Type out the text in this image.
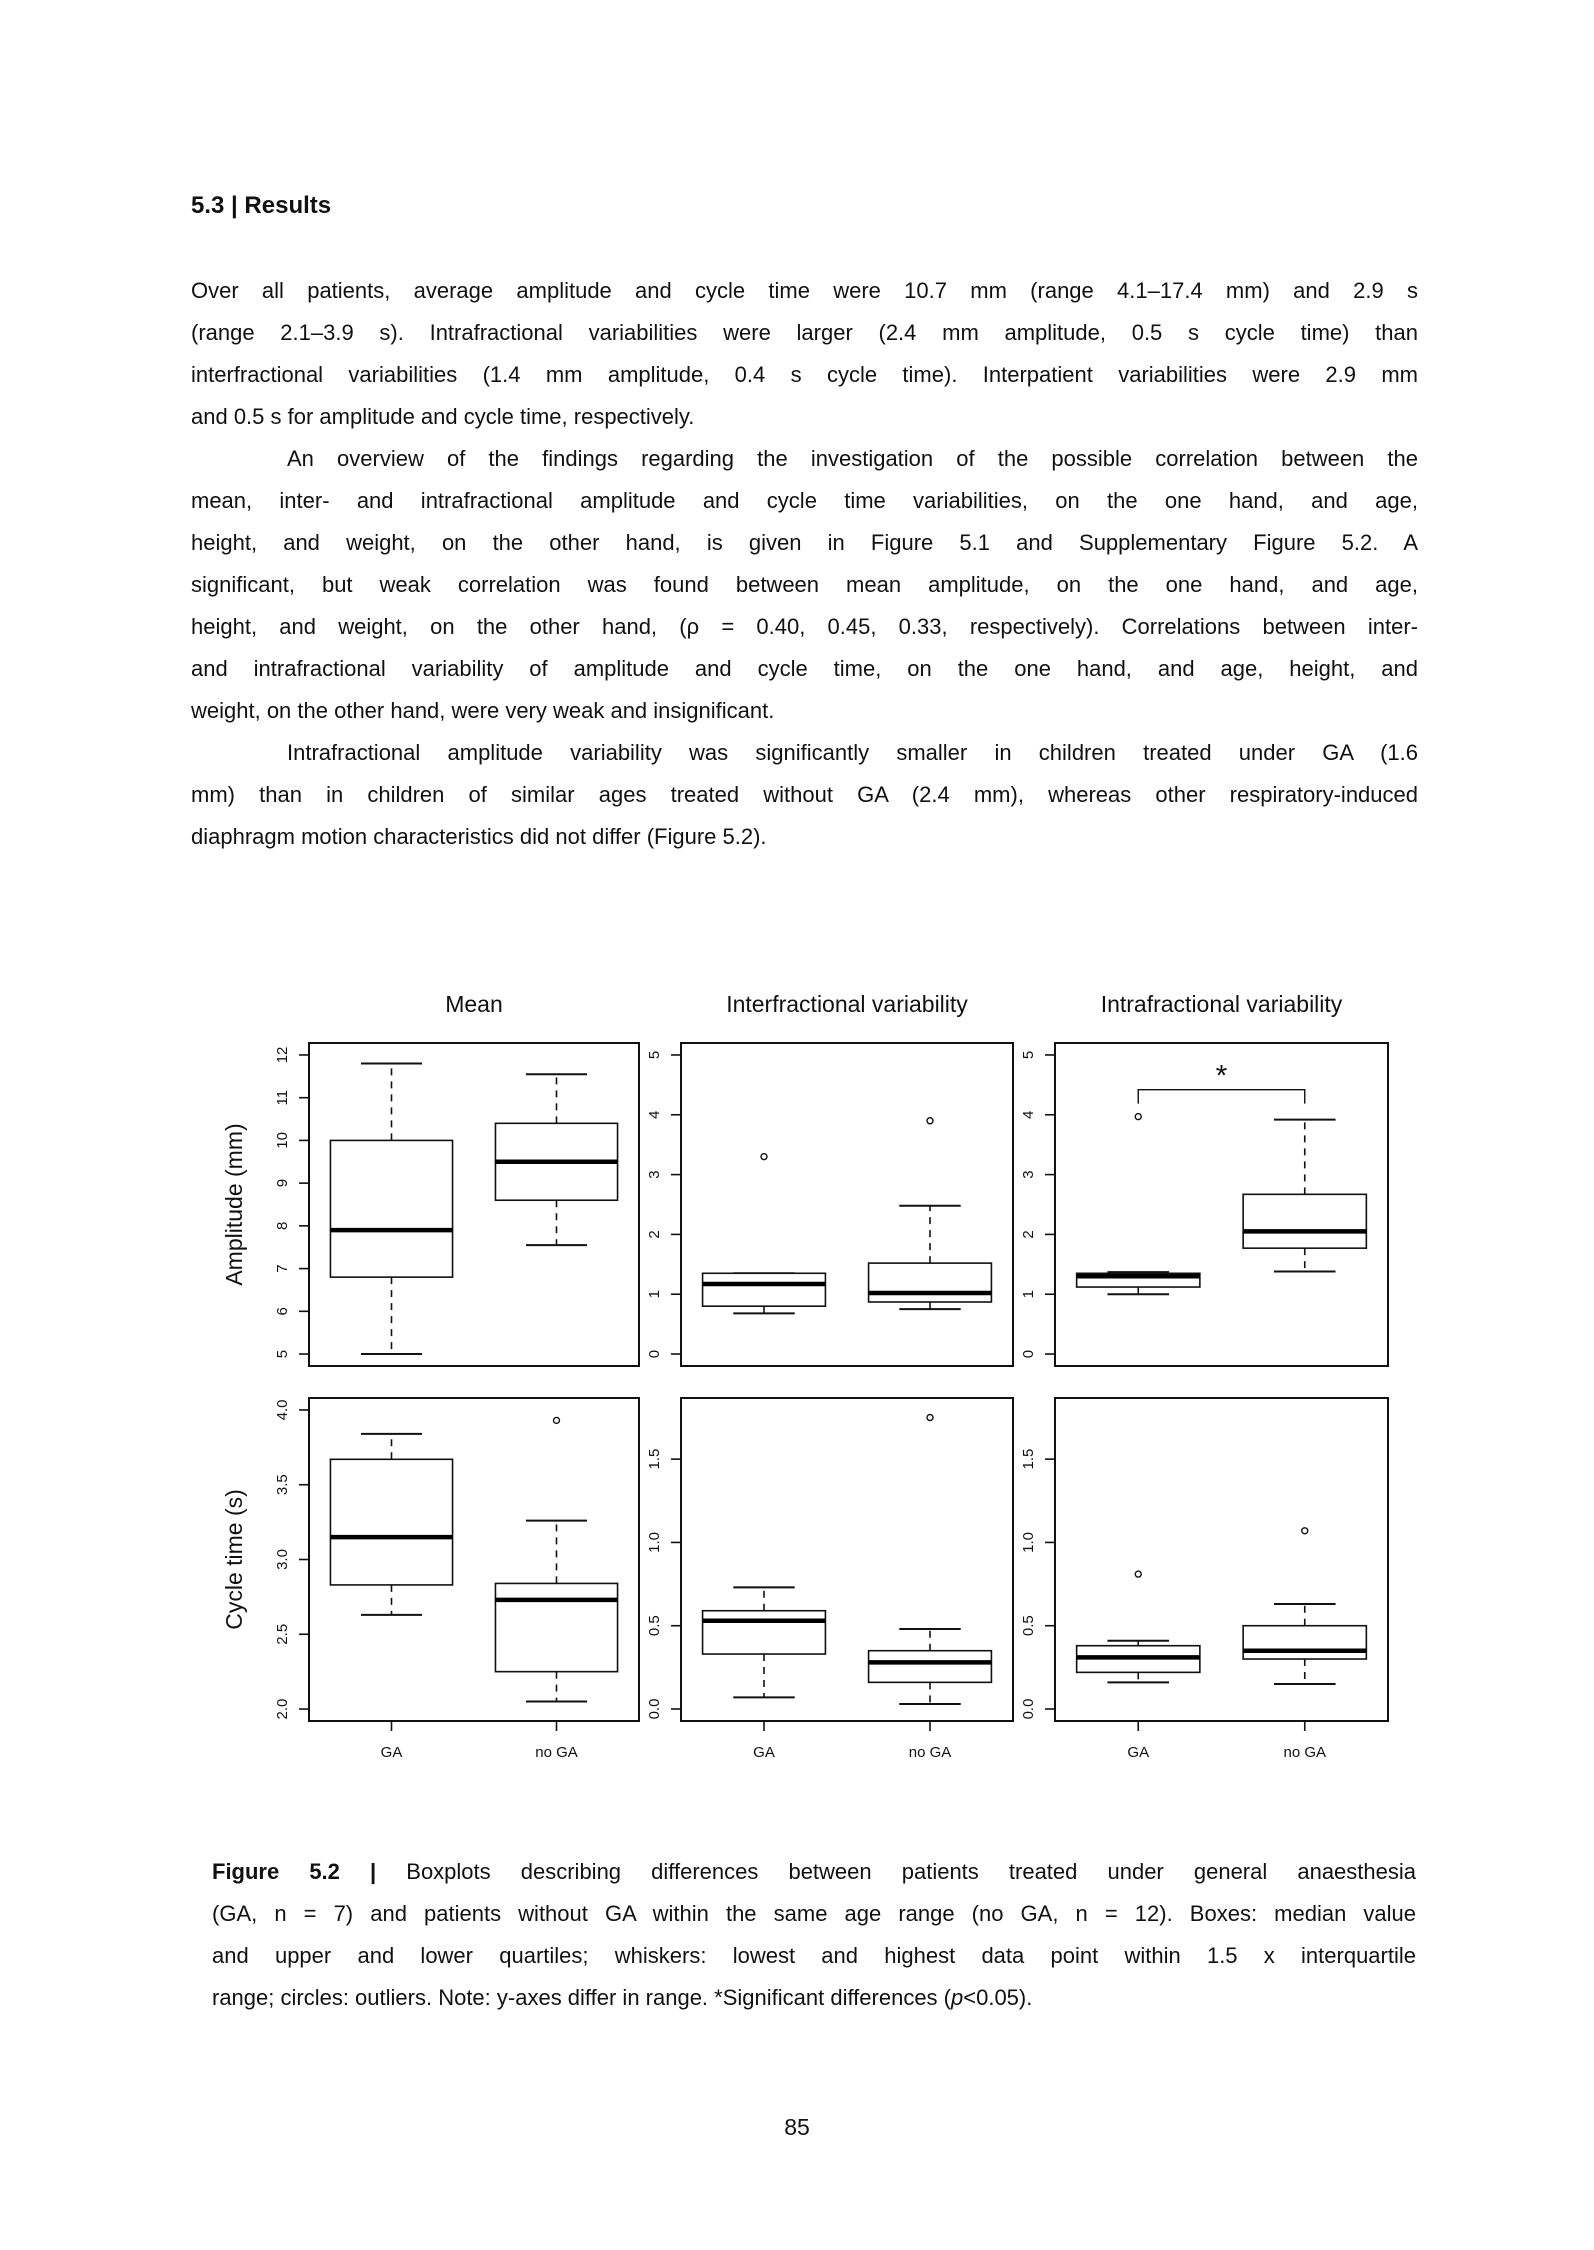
5.3 | Results
Over all patients, average amplitude and cycle time were 10.7 mm (range 4.1–17.4 mm) and 2.9 s
(range 2.1–3.9 s). Intrafractional variabilities were larger (2.4 mm amplitude, 0.5 s cycle time) than
interfractional variabilities (1.4 mm amplitude, 0.4 s cycle time). Interpatient variabilities were 2.9 mm
and 0.5 s for amplitude and cycle time, respectively.
An overview of the findings regarding the investigation of the possible correlation between the
mean, inter- and intrafractional amplitude and cycle time variabilities, on the one hand, and age,
height, and weight, on the other hand, is given in Figure 5.1 and Supplementary Figure 5.2. A
significant, but weak correlation was found between mean amplitude, on the one hand, and age,
height, and weight, on the other hand, (ρ = 0.40, 0.45, 0.33, respectively). Correlations between inter-
and intrafractional variability of amplitude and cycle time, on the one hand, and age, height, and
weight, on the other hand, were very weak and insignificant.
Intrafractional amplitude variability was significantly smaller in children treated under GA (1.6
mm) than in children of similar ages treated without GA (2.4 mm), whereas other respiratory-induced
diaphragm motion characteristics did not differ (Figure 5.2).
Mean	Interfractional variability	Intrafractional variability
Amplitude (mm)
Cycle time (s)
5
6
7
8
9
10
11
12
0
1
2
3
4
5
0
1
2
3
4
5
*
2.0
2.5
3.0
3.5
4.0
GA	no GA
0.0
0.5
1.0
1.5
GA	no GA
0.0
0.5
1.0
1.5
GA	no GA
Figure 5.2 | Boxplots describing differences between patients treated under general anaesthesia
(GA, n = 7) and patients without GA within the same age range (no GA, n = 12). Boxes: median value
and upper and lower quartiles; whiskers: lowest and highest data point within 1.5 x interquartile
range; circles: outliers. Note: y-axes differ in range. *Significant differences (p<0.05).
85
